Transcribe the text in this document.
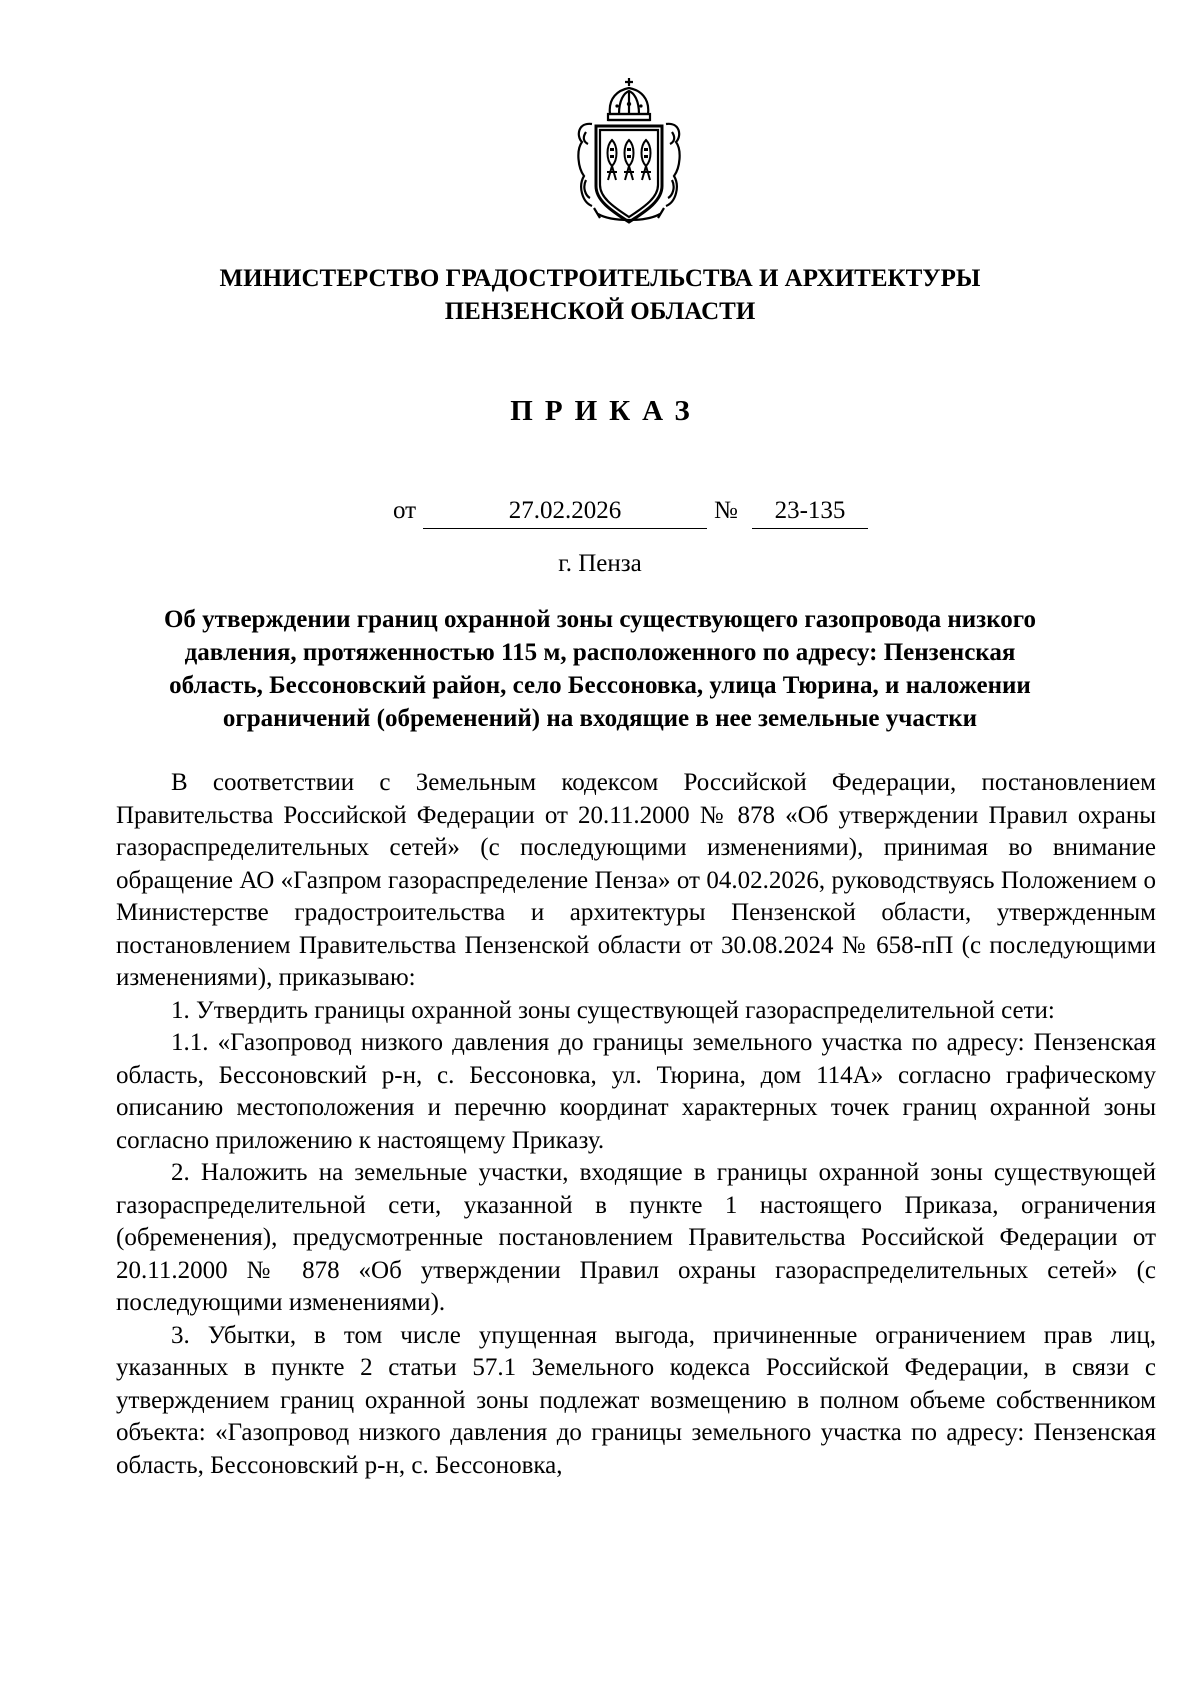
МИНИСТЕРСТВО ГРАДОСТРОИТЕЛЬСТВА И АРХИТЕКТУРЫ
ПЕНЗЕНСКОЙ ОБЛАСТИ
ПРИКАЗ
от	27.02.2026	№	23-135
г. Пенза
Об утверждении границ охранной зоны существующего газопровода низкого
давления, протяженностью 115 м, расположенного по адресу: Пензенская
область, Бессоновский район, село Бессоновка, улица Тюрина, и наложении
ограничений (обременений) на входящие в нее земельные участки

В соответствии с Земельным кодексом Российской Федерации, постановлением Правительства Российской Федерации от 20.11.2000 № 878 «Об утверждении Правил охраны газораспределительных сетей» (с последующими изменениями), принимая во внимание обращение АО «Газпром газораспределение Пенза» от 04.02.2026, руководствуясь Положением о Министерстве градостроительства и архитектуры Пензенской области, утвержденным постановлением Правительства Пензенской области от 30.08.2024 № 658-пП (с последующими изменениями), приказываю:

1. Утвердить границы охранной зоны существующей газораспределительной сети:

1.1. «Газопровод низкого давления до границы земельного участка по адресу: Пензенская область, Бессоновский р-н, с. Бессоновка, ул. Тюрина, дом 114А» согласно графическому описанию местоположения и перечню координат характерных точек границ охранной зоны согласно приложению к настоящему Приказу.

2. Наложить на земельные участки, входящие в границы охранной зоны существующей газораспределительной сети, указанной в пункте 1 настоящего Приказа, ограничения (обременения), предусмотренные постановлением Правительства Российской Федерации от 20.11.2000 № 878 «Об утверждении Правил охраны газораспределительных сетей» (с последующими изменениями).

3. Убытки, в том числе упущенная выгода, причиненные ограничением прав лиц, указанных в пункте 2 статьи 57.1 Земельного кодекса Российской Федерации, в связи с утверждением границ охранной зоны подлежат возмещению в полном объеме собственником объекта: «Газопровод низкого давления до границы земельного участка по адресу: Пензенская область, Бессоновский р-н, с. Бессоновка,
